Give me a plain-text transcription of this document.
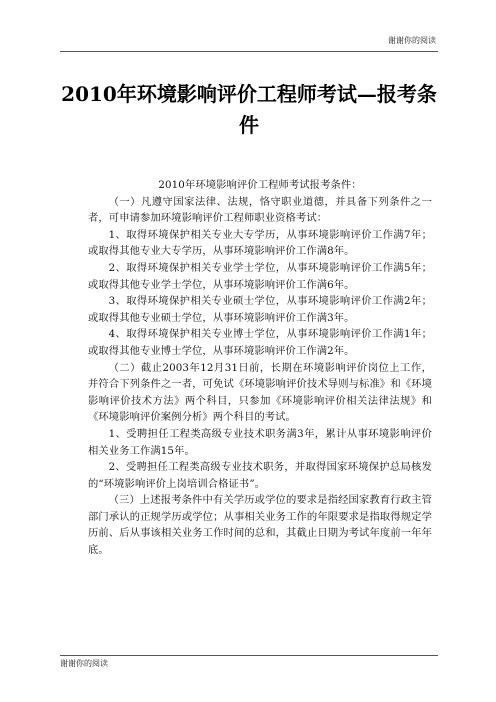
谢谢你的阅读
2010年环境影响评价工程师考试—报考条件

2010年环境影响评价工程师考试报考条件：

（一）凡遵守国家法律、法规，恪守职业道德，并具备下列条件之一者，可申请参加环境影响评价工程师职业资格考试：

1、取得环境保护相关专业大专学历，从事环境影响评价工作满7年；或取得其他专业大专学历，从事环境影响评价工作满8年。

2、取得环境保护相关专业学士学位，从事环境影响评价工作满5年；或取得其他专业学士学位，从事环境影响评价工作满6年。

3、取得环境保护相关专业硕士学位，从事环境影响评价工作满2年；或取得其他专业硕士学位，从事环境影响评价工作满3年。

4、取得环境保护相关专业博士学位，从事环境影响评价工作满1年；或取得其他专业博士学位，从事环境影响评价工作满2年。

（二）截止2003年12月31日前，长期在环境影响评价岗位上工作，并符合下列条件之一者，可免试《环境影响评价技术导则与标准》和《环境影响评价技术方法》两个科目，只参加《环境影响评价相关法律法规》和《环境影响评价案例分析》两个科目的考试。

1、受聘担任工程类高级专业技术职务满3年，累计从事环境影响评价相关业务工作满15年。

2、受聘担任工程类高级专业技术职务，并取得国家环境保护总局核发的“环境影响评价上岗培训合格证书”。

（三）上述报考条件中有关学历或学位的要求是指经国家教育行政主管部门承认的正规学历或学位；从事相关业务工作的年限要求是指取得规定学历前、后从事该相关业务工作时间的总和，其截止日期为考试年度前一年年底。

谢谢你的阅读
